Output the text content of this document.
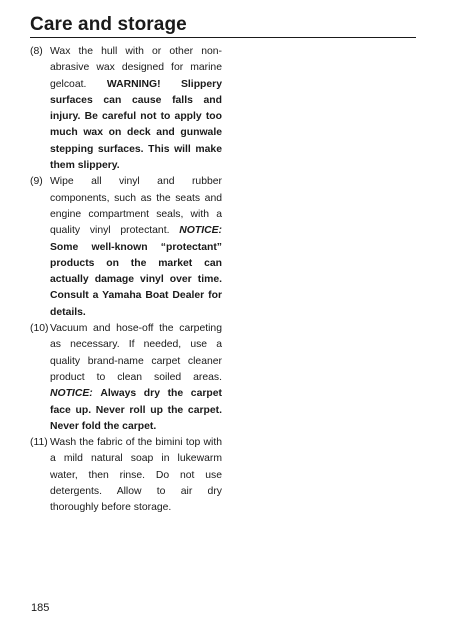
Care and storage
(8) Wax the hull with or other non-abrasive wax designed for marine gelcoat. WARNING! Slippery surfaces can cause falls and injury. Be careful not to apply too much wax on deck and gunwale stepping surfaces. This will make them slippery.
(9) Wipe all vinyl and rubber components, such as the seats and engine compartment seals, with a quality vinyl protectant. NOTICE: Some well-known “protectant” products on the market can actually damage vinyl over time. Consult a Yamaha Boat Dealer for details.
(10) Vacuum and hose-off the carpeting as necessary. If needed, use a quality brand-name carpet cleaner product to clean soiled areas. NOTICE: Always dry the carpet face up. Never roll up the carpet. Never fold the carpet.
(11) Wash the fabric of the bimini top with a mild natural soap in lukewarm water, then rinse. Do not use detergents. Allow to air dry thoroughly before storage.
185
